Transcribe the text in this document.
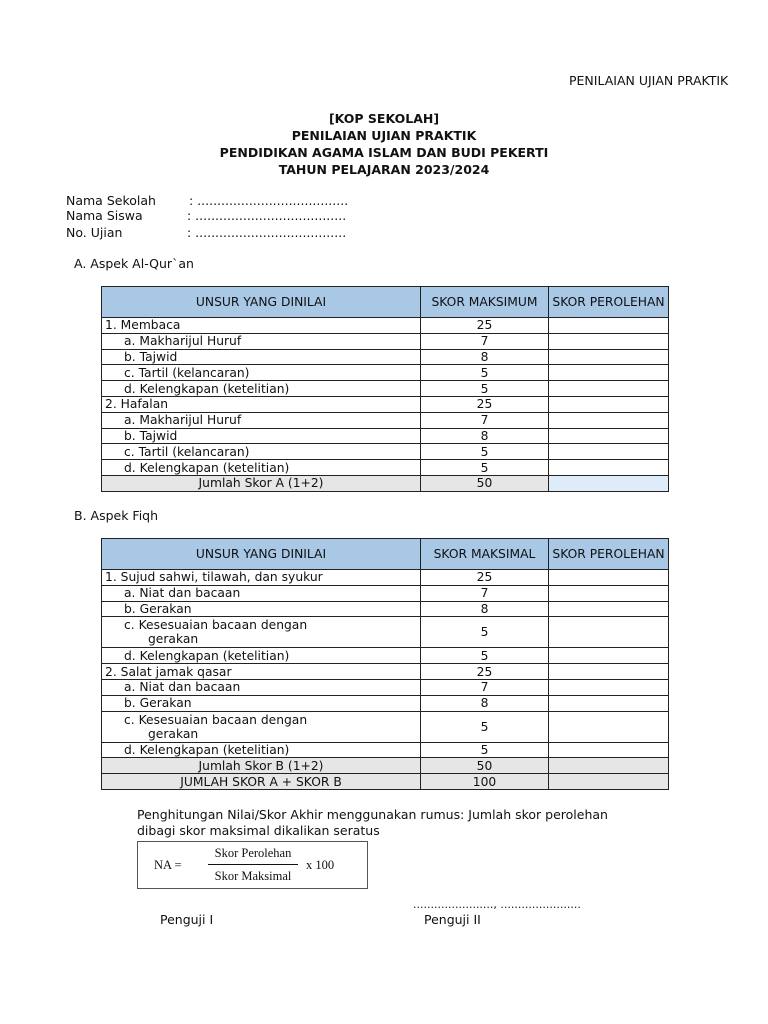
PENILAIAN UJIAN PRAKTIK
[KOP SEKOLAH]
PENILAIAN UJIAN PRAKTIK
PENDIDIKAN AGAMA ISLAM DAN BUDI PEKERTI
TAHUN PELAJARAN 2023/2024
Nama Sekolah	: ......................................
Nama Siswa	: ......................................
No. Ujian	: ......................................
A. Aspek Al-Qur`an
UNSUR YANG DINILAI	SKOR MAKSIMUM	SKOR PEROLEHAN
1. Membaca	25	
a. Makharijul Huruf	7	
b. Tajwid	8	
c. Tartil (kelancaran)	5	
d. Kelengkapan (ketelitian)	5	
2. Hafalan	25	
a. Makharijul Huruf	7	
b. Tajwid	8	
c. Tartil (kelancaran)	5	
d. Kelengkapan (ketelitian)	5	
Jumlah Skor A (1+2)	50	
B. Aspek Fiqh
UNSUR YANG DINILAI	SKOR MAKSIMAL	SKOR PEROLEHAN
1. Sujud sahwi, tilawah, dan syukur	25	
a. Niat dan bacaan	7	
b. Gerakan	8	
c. Kesesuaian bacaan dengan
gerakan	5	
d. Kelengkapan (ketelitian)	5	
2. Salat jamak qasar	25	
a. Niat dan bacaan	7	
b. Gerakan	8	
c. Kesesuaian bacaan dengan
gerakan	5	
d. Kelengkapan (ketelitian)	5	
Jumlah Skor B (1+2)	50	
JUMLAH SKOR A + SKOR B	100	
Penghitungan Nilai/Skor Akhir menggunakan rumus: Jumlah skor perolehan dibagi skor maksimal dikalikan seratus
NA =
Skor Perolehan
Skor Maksimal
x 100
......................., .......................
Penguji I	Penguji II
